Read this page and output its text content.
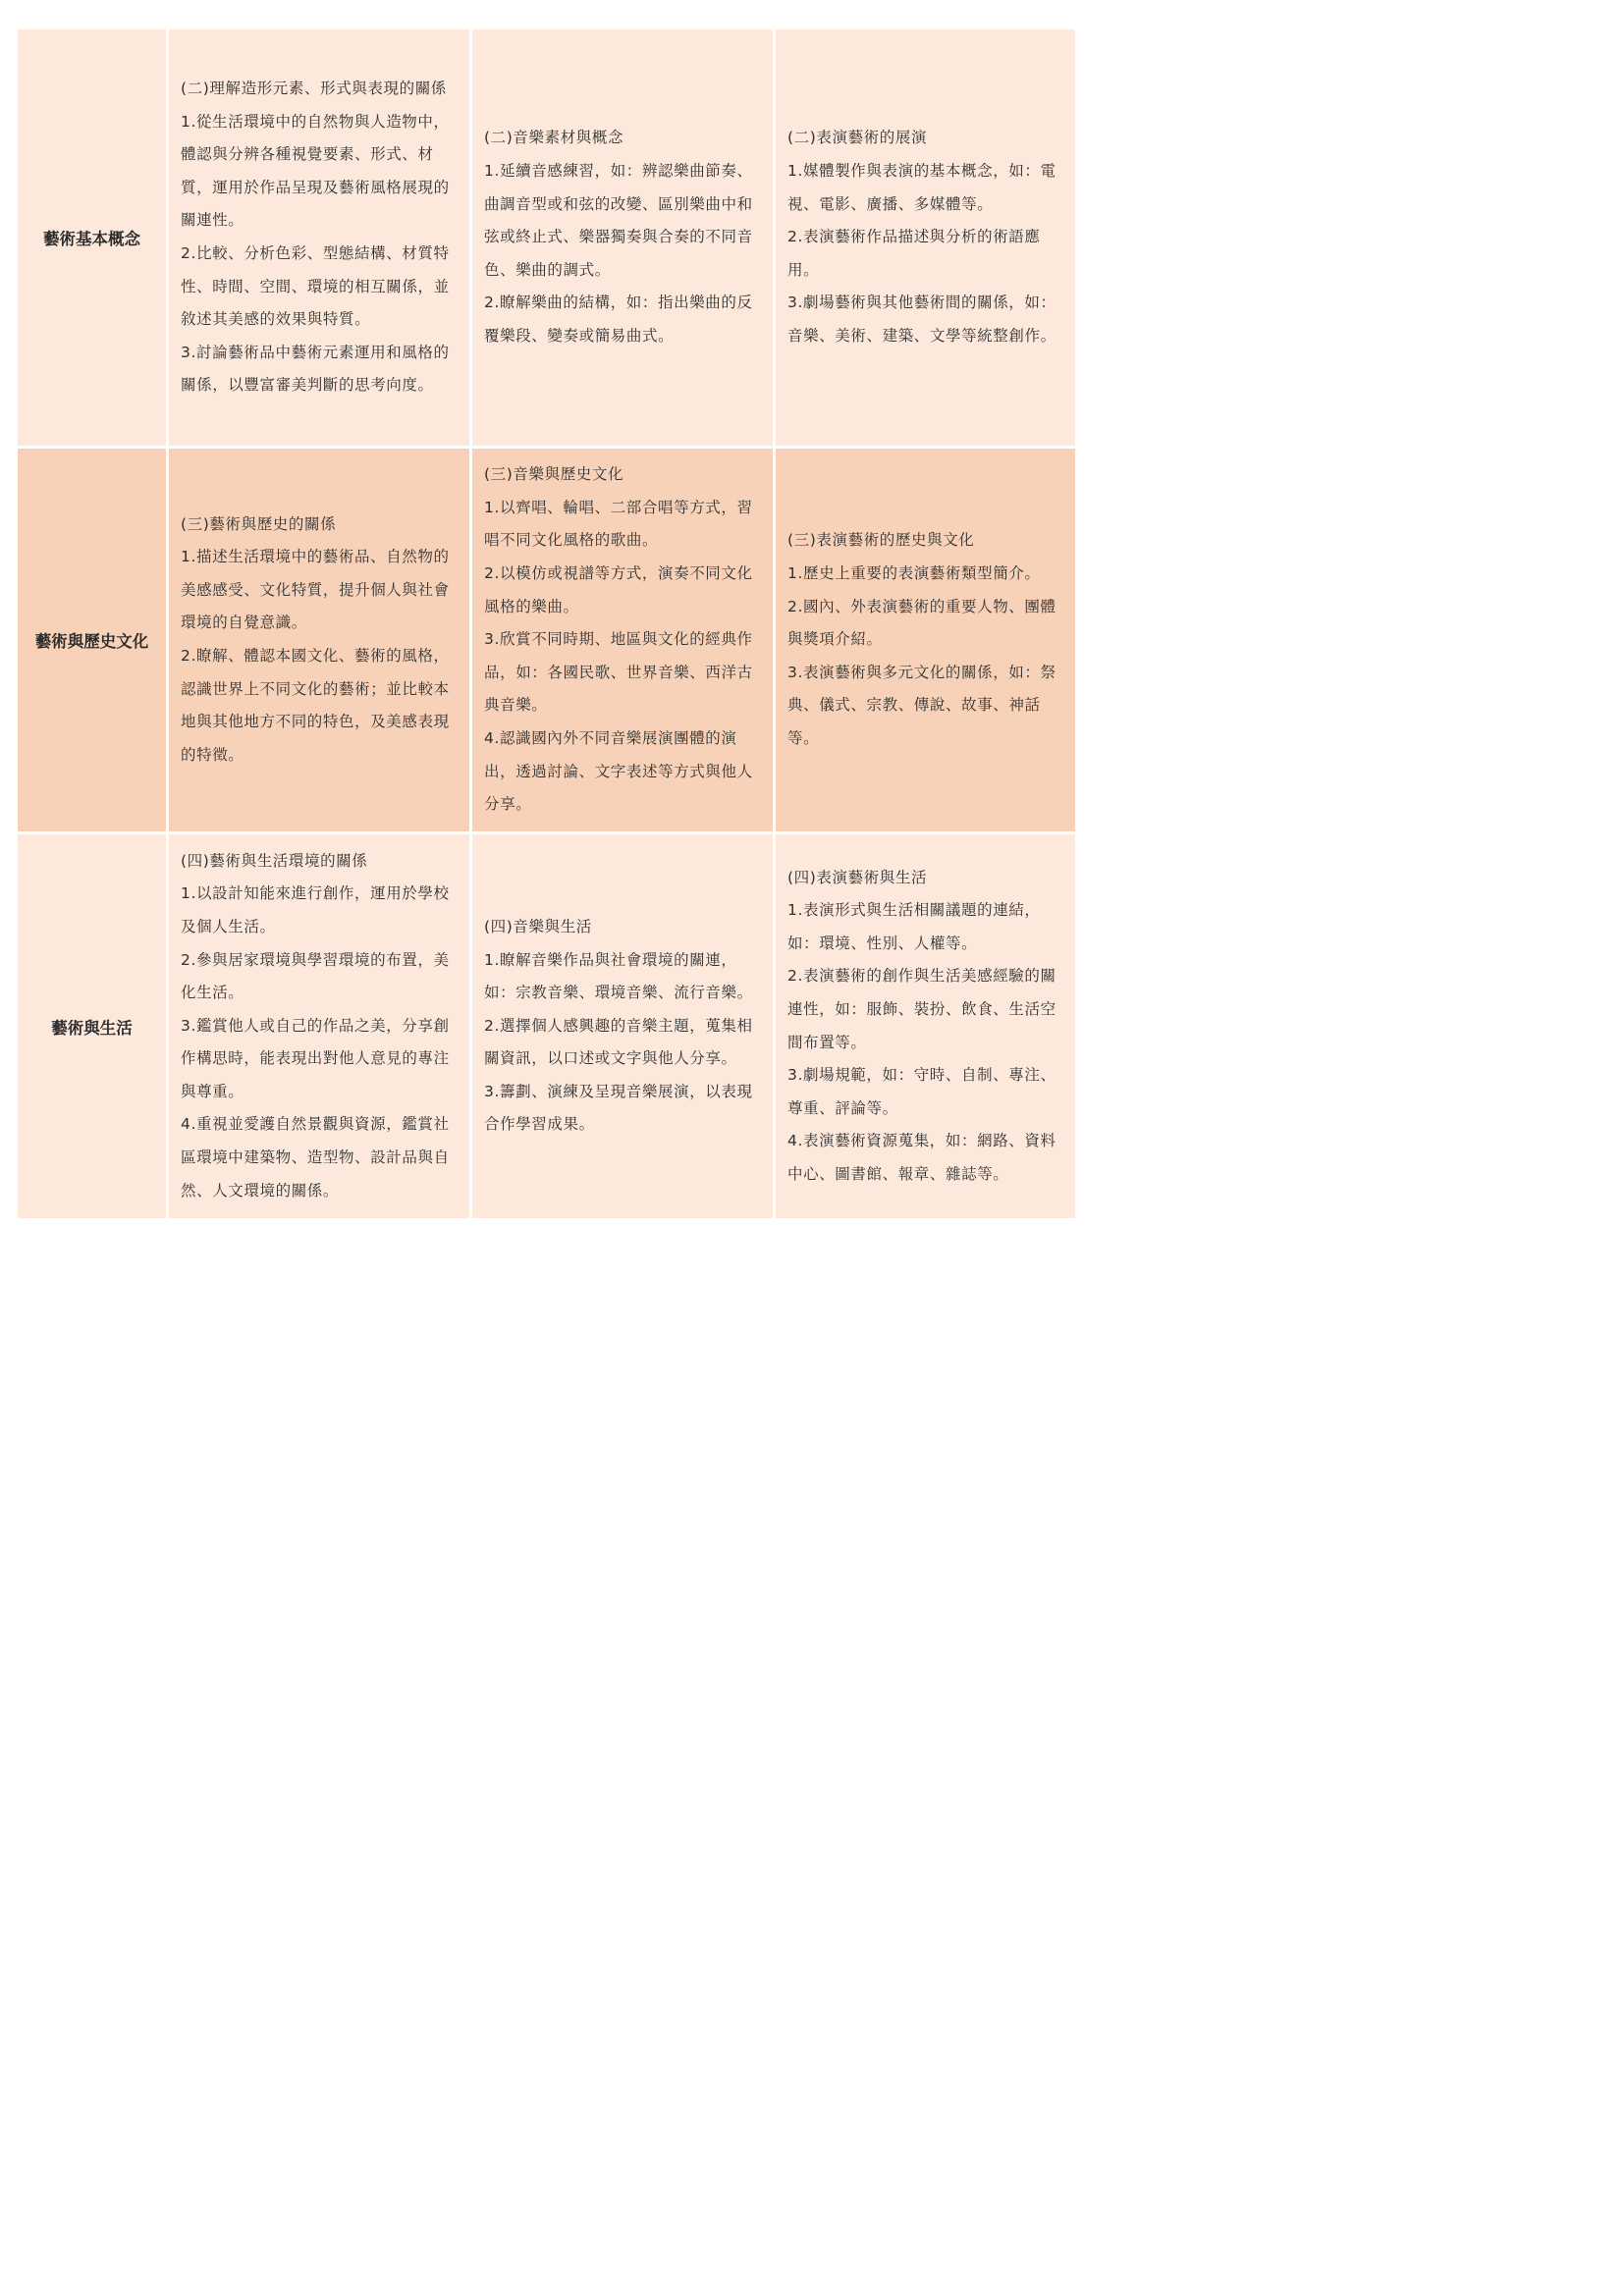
藝術基本概念	(二)理解造形元素、形式與表現的關係
1.從生活環境中的自然物與人造物中，體認與分辨各種視覺要素、形式、材質，運用於作品呈現及藝術風格展現的關連性。
2.比較、分析色彩、型態結構、材質特性、時間、空間、環境的相互關係，並敘述其美感的效果與特質。
3.討論藝術品中藝術元素運用和風格的關係，以豐富審美判斷的思考向度。	(二)音樂素材與概念
1.延續音感練習，如：辨認樂曲節奏、曲調音型或和弦的改變、區別樂曲中和弦或終止式、樂器獨奏與合奏的不同音色、樂曲的調式。
2.瞭解樂曲的結構，如：指出樂曲的反覆樂段、變奏或簡易曲式。	(二)表演藝術的展演
1.媒體製作與表演的基本概念，如：電視、電影、廣播、多媒體等。
2.表演藝術作品描述與分析的術語應用。
3.劇場藝術與其他藝術間的關係，如：音樂、美術、建築、文學等統整創作。

藝術與歷史文化	(三)藝術與歷史的關係
1.描述生活環境中的藝術品、自然物的美感感受、文化特質，提升個人與社會環境的自覺意識。
2.瞭解、體認本國文化、藝術的風格，認識世界上不同文化的藝術；並比較本地與其他地方不同的特色，及美感表現的特徵。	(三)音樂與歷史文化
1.以齊唱、輪唱、二部合唱等方式，習唱不同文化風格的歌曲。
2.以模仿或視譜等方式，演奏不同文化風格的樂曲。
3.欣賞不同時期、地區與文化的經典作品，如：各國民歌、世界音樂、西洋古典音樂。
4.認識國內外不同音樂展演團體的演出，透過討論、文字表述等方式與他人分享。	(三)表演藝術的歷史與文化
1.歷史上重要的表演藝術類型簡介。
2.國內、外表演藝術的重要人物、團體與獎項介紹。
3.表演藝術與多元文化的關係，如：祭典、儀式、宗教、傳說、故事、神話等。

藝術與生活	(四)藝術與生活環境的關係
1.以設計知能來進行創作，運用於學校及個人生活。
2.參與居家環境與學習環境的布置，美化生活。
3.鑑賞他人或自己的作品之美，分享創作構思時，能表現出對他人意見的專注與尊重。
4.重視並愛護自然景觀與資源，鑑賞社區環境中建築物、造型物、設計品與自然、人文環境的關係。	(四)音樂與生活
1.瞭解音樂作品與社會環境的關連，如：宗教音樂、環境音樂、流行音樂。
2.選擇個人感興趣的音樂主題，蒐集相關資訊，以口述或文字與他人分享。
3.籌劃、演練及呈現音樂展演，以表現合作學習成果。	(四)表演藝術與生活
1.表演形式與生活相關議題的連結，如：環境、性別、人權等。
2.表演藝術的創作與生活美感經驗的關連性，如：服飾、裝扮、飲食、生活空間布置等。
3.劇場規範，如：守時、自制、專注、尊重、評論等。
4.表演藝術資源蒐集，如：網路、資料中心、圖書館、報章、雜誌等。
